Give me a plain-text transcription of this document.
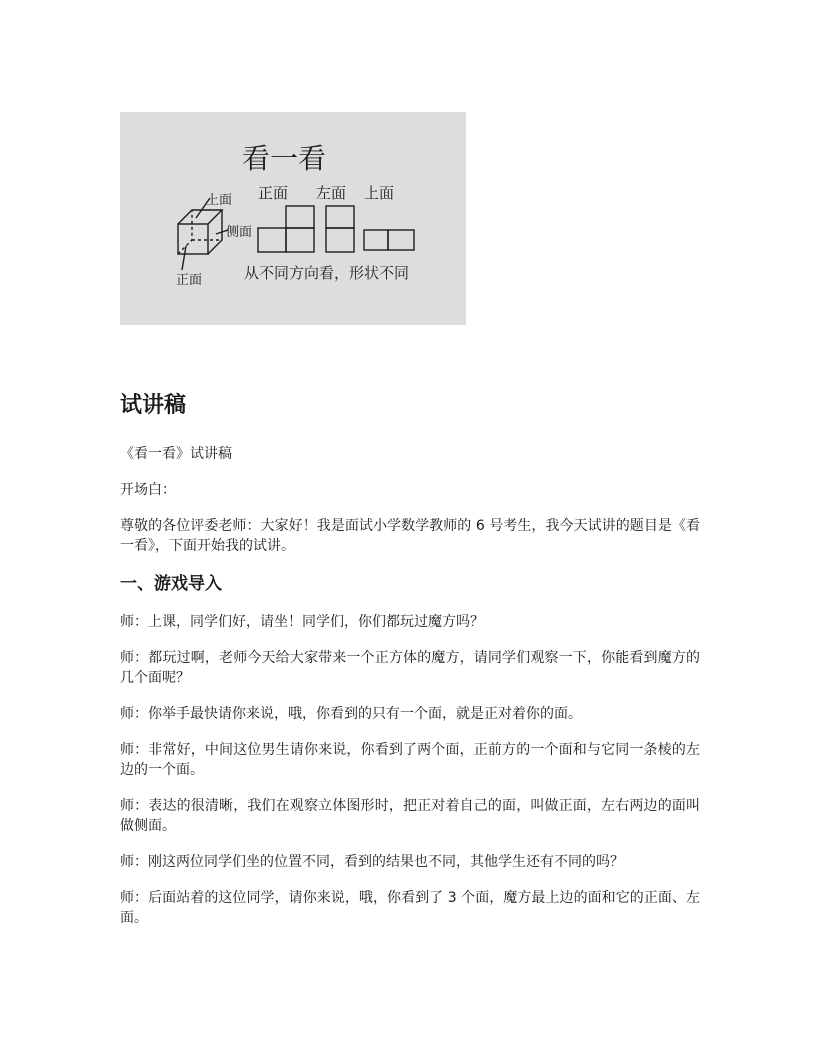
看一看
正面 左面 上面
上面
侧面
正面	从不同方向看，形状不同
试讲稿

《看一看》试讲稿

开场白：

尊敬的各位评委老师：大家好！我是面试小学数学教师的 6 号考生，我今天试讲的题目是《看一看》，下面开始我的试讲。

一、游戏导入

师：上课，同学们好，请坐！同学们，你们都玩过魔方吗？

师：都玩过啊，老师今天给大家带来一个正方体的魔方，请同学们观察一下，你能看到魔方的几个面呢？

师：你举手最快请你来说，哦，你看到的只有一个面，就是正对着你的面。

师：非常好，中间这位男生请你来说，你看到了两个面，正前方的一个面和与它同一条棱的左边的一个面。

师：表达的很清晰，我们在观察立体图形时，把正对着自己的面，叫做正面，左右两边的面叫做侧面。

师：刚这两位同学们坐的位置不同，看到的结果也不同，其他学生还有不同的吗？

师：后面站着的这位同学，请你来说，哦，你看到了 3 个面，魔方最上边的面和它的正面、左面。
